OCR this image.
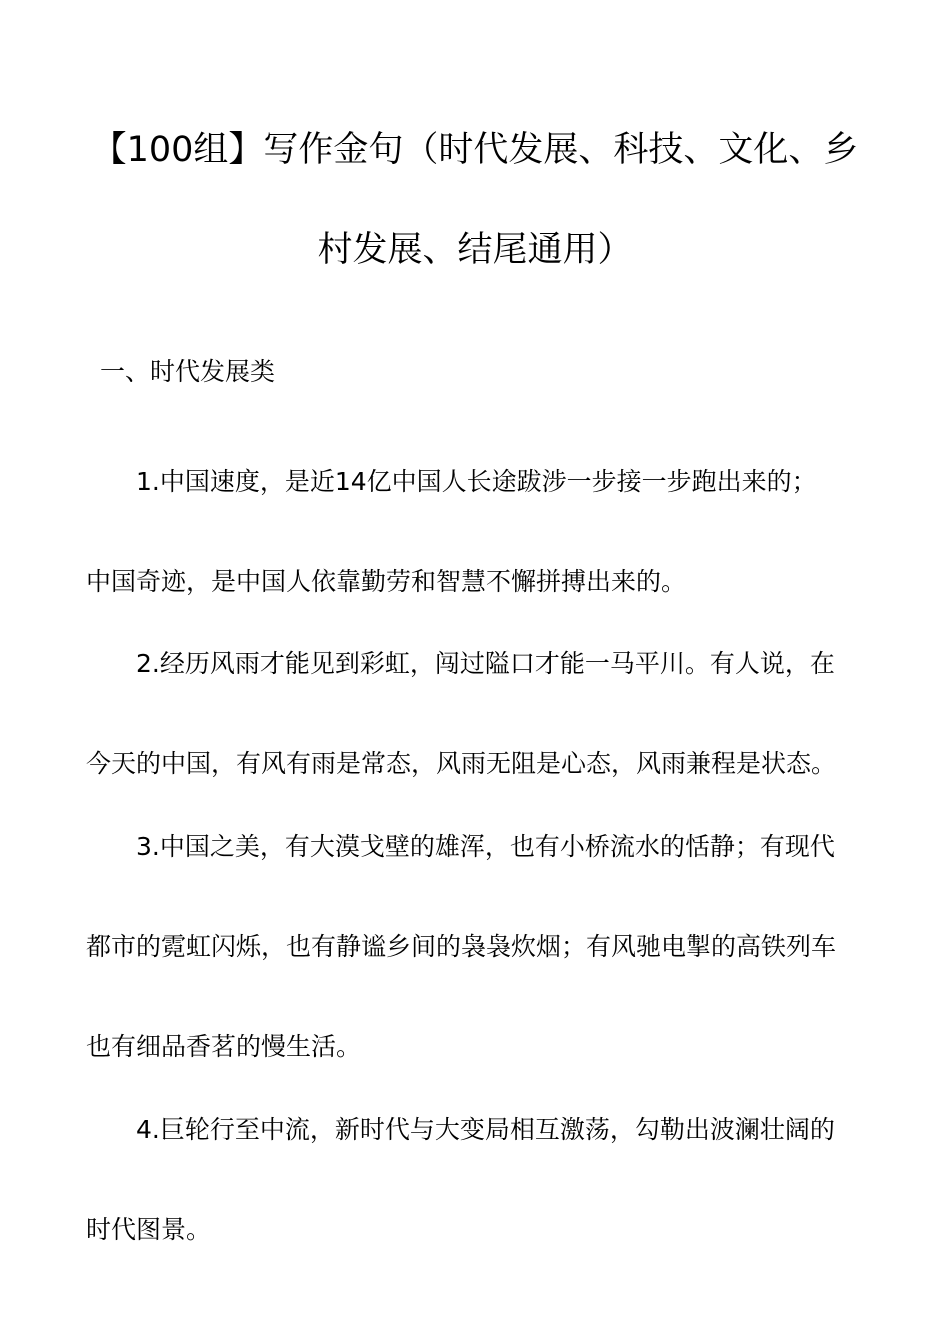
【100组】写作金句（时代发展、科技、文化、乡
村发展、结尾通用）
一、时代发展类
1.中国速度，是近14亿中国人长途跋涉一步接一步跑出来的；
中国奇迹，是中国人依靠勤劳和智慧不懈拼搏出来的。
2.经历风雨才能见到彩虹，闯过隘口才能一马平川。有人说，在
今天的中国，有风有雨是常态，风雨无阻是心态，风雨兼程是状态。
3.中国之美，有大漠戈壁的雄浑，也有小桥流水的恬静；有现代
都市的霓虹闪烁，也有静谧乡间的袅袅炊烟；有风驰电掣的高铁列车
也有细品香茗的慢生活。
4.巨轮行至中流，新时代与大变局相互激荡，勾勒出波澜壮阔的
时代图景。
